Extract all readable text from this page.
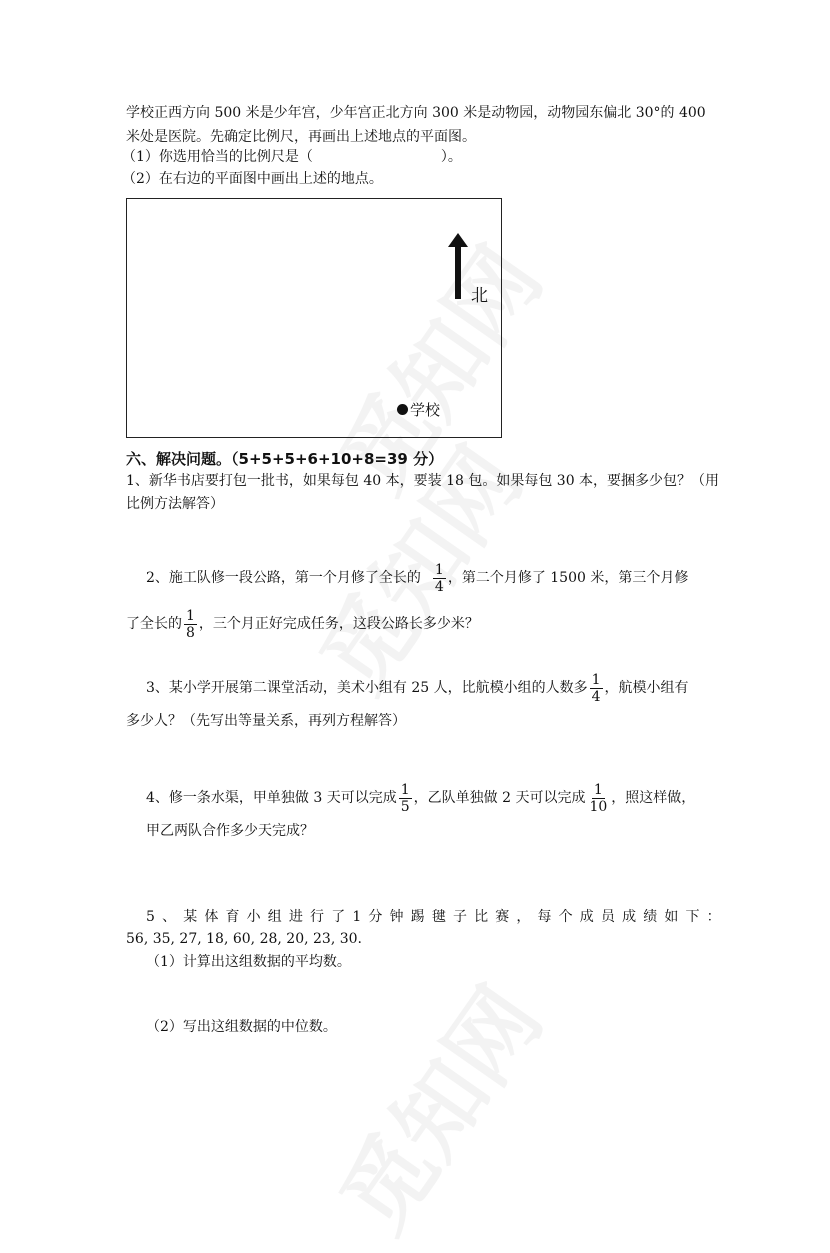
学校正西方向 500 米是少年宫，少年宫正北方向 300 米是动物园，动物园东偏北 30°的 400
米处是医院。先确定比例尺，再画出上述地点的平面图。
（1）你选用恰当的比例尺是（	）。
（2）在右边的平面图中画出上述的地点。
北
学校
六、解决问题。（5+5+5+6+10+8=39 分）
1、新华书店要打包一批书，如果每包 40 本，要装 18 包。如果每包 30 本，要捆多少包？（用
比例方法解答）
2、施工队修一段公路，第一个月修了全长的 $\frac{1}{4}$ ，第二个月修了 1500 米，第三个月修
了全长的 $\frac{1}{8}$ ，三个月正好完成任务，这段公路长多少米？
3、某小学开展第二课堂活动，美术小组有 25 人，比航模小组的人数多 $\frac{1}{4}$ ，航模小组有
多少人？（先写出等量关系，再列方程解答）
4、修一条水渠，甲单独做 3 天可以完成 $\frac{1}{5}$ ，乙队单独做 2 天可以完成 $\frac{1}{10}$ ，照这样做，
甲乙两队合作多少天完成？
5 、 某 体 育 小 组 进 行 了 1 分 钟 踢 毽 子 比 赛 ， 每 个 成 员 成 绩 如 下 ：
56, 35, 27, 18, 60, 28, 20, 23, 30.
（1）计算出这组数据的平均数。
（2）写出这组数据的中位数。
